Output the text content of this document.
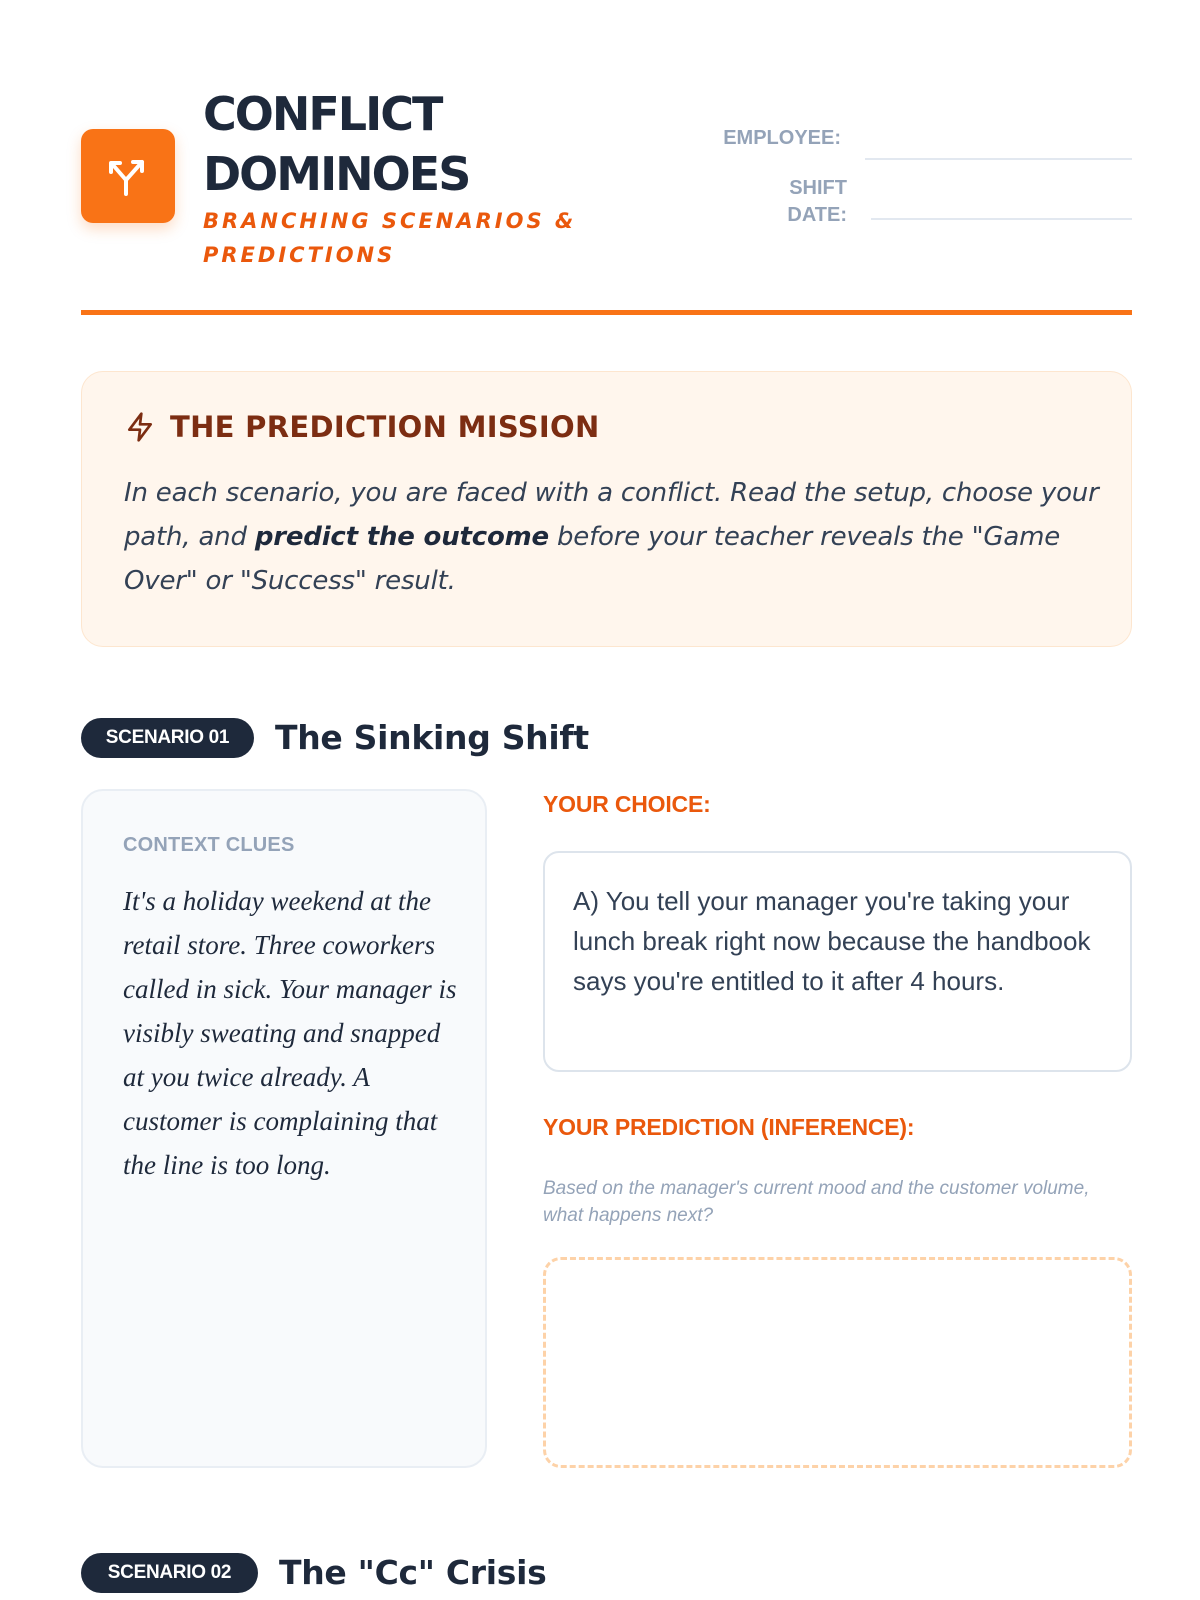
CONFLICT DOMINOES
BRANCHING SCENARIOS & PREDICTIONS
EMPLOYEE:
SHIFT
DATE:
THE PREDICTION MISSION
In each scenario, you are faced with a conflict. Read the setup, choose your path, and predict the outcome before your teacher reveals the "Game Over" or "Success" result.
SCENARIO 01	The Sinking Shift
CONTEXT CLUES
It's a holiday weekend at the retail store. Three coworkers called in sick. Your manager is visibly sweating and snapped at you twice already. A customer is complaining that the line is too long.
YOUR CHOICE:
A) You tell your manager you're taking your lunch break right now because the handbook says you're entitled to it after 4 hours.
YOUR PREDICTION (INFERENCE):
Based on the manager's current mood and the customer volume, what happens next?
SCENARIO 02	The "Cc" Crisis
